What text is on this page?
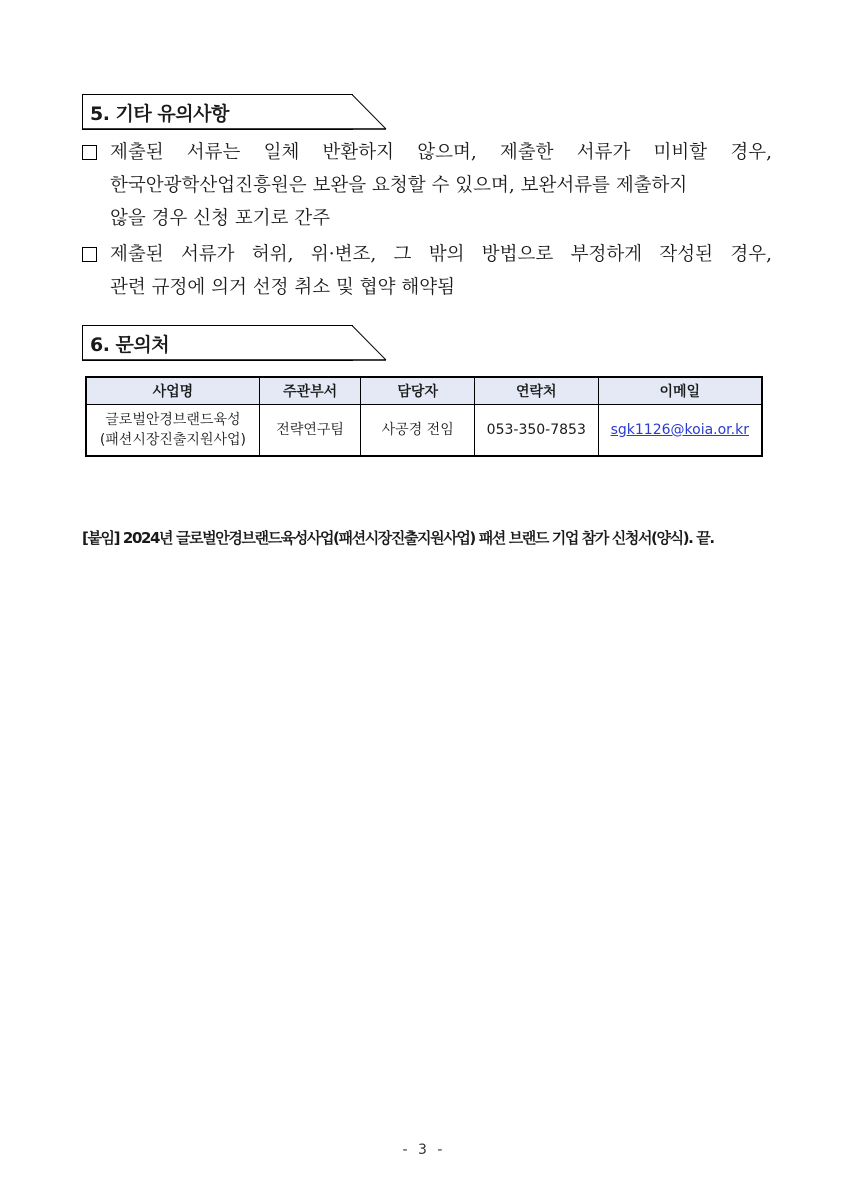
5. 기타 유의사항
제출된 서류는 일체 반환하지 않으며, 제출한 서류가 미비할 경우,
한국안광학산업진흥원은 보완을 요청할 수 있으며, 보완서류를 제출하지
않을 경우 신청 포기로 간주
제출된 서류가 허위, 위·변조, 그 밖의 방법으로 부정하게 작성된 경우,
관련 규정에 의거 선정 취소 및 협약 해약됨
6. 문의처
사업명	주관부서	담당자	연락처	이메일
글로벌안경브랜드육성
(패션시장진출지원사업)	전략연구팀	사공경 전임	053-350-7853	sgk1126@koia.or.kr
[붙임] 2024년 글로벌안경브랜드육성사업(패션시장진출지원사업) 패션 브랜드 기업 참가 신청서(양식). 끝.
- 3 -
